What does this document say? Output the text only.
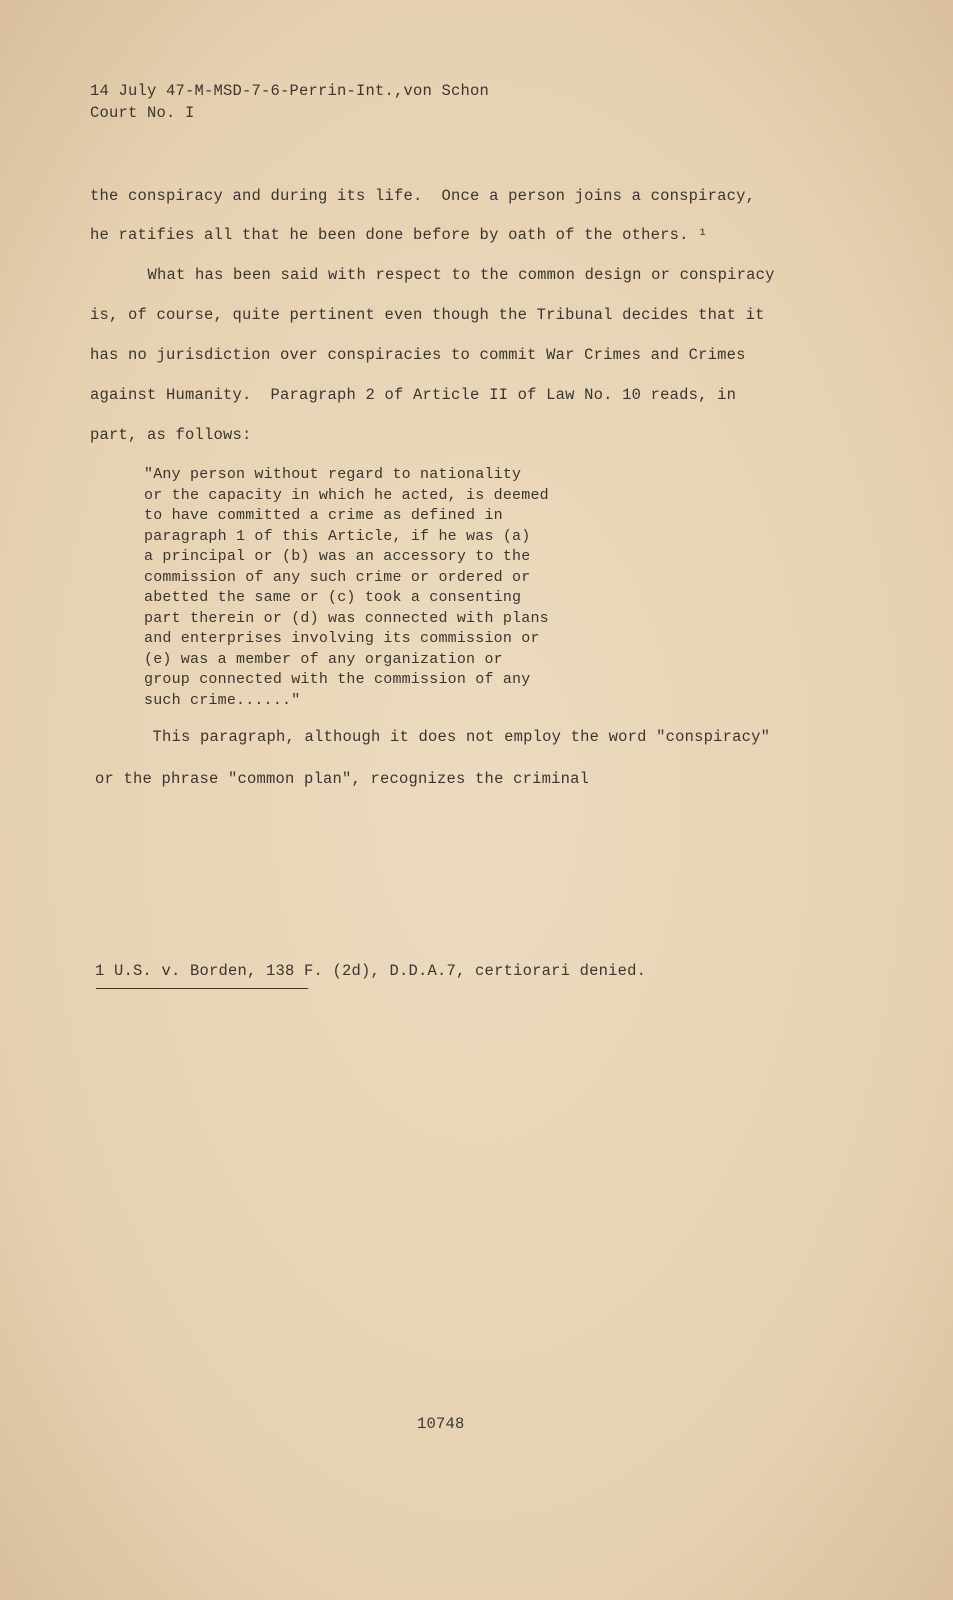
14 July 47-M-MSD-7-6-Perrin-Int.,von Schon
Court No. I
the conspiracy and during its life.  Once a person joins a conspiracy,
he ratifies all that he been done before by oath of the others. ¹
What has been said with respect to the common design or conspiracy
is, of course, quite pertinent even though the Tribunal decides that it
has no jurisdiction over conspiracies to commit War Crimes and Crimes
against Humanity.  Paragraph 2 of Article II of Law No. 10 reads, in
part, as follows:
"Any person without regard to nationality
or the capacity in which he acted, is deemed
to have committed a crime as defined in
paragraph 1 of this Article, if he was (a)
a principal or (b) was an accessory to the
commission of any such crime or ordered or
abetted the same or (c) took a consenting
part therein or (d) was connected with plans
and enterprises involving its commission or
(e) was a member of any organization or
group connected with the commission of any
such crime......"
This paragraph, although it does not employ the word "conspiracy"
or the phrase "common plan", recognizes the criminal
1 U.S. v. Borden, 138 F. (2d), D.D.A.7, certiorari denied.
10748
